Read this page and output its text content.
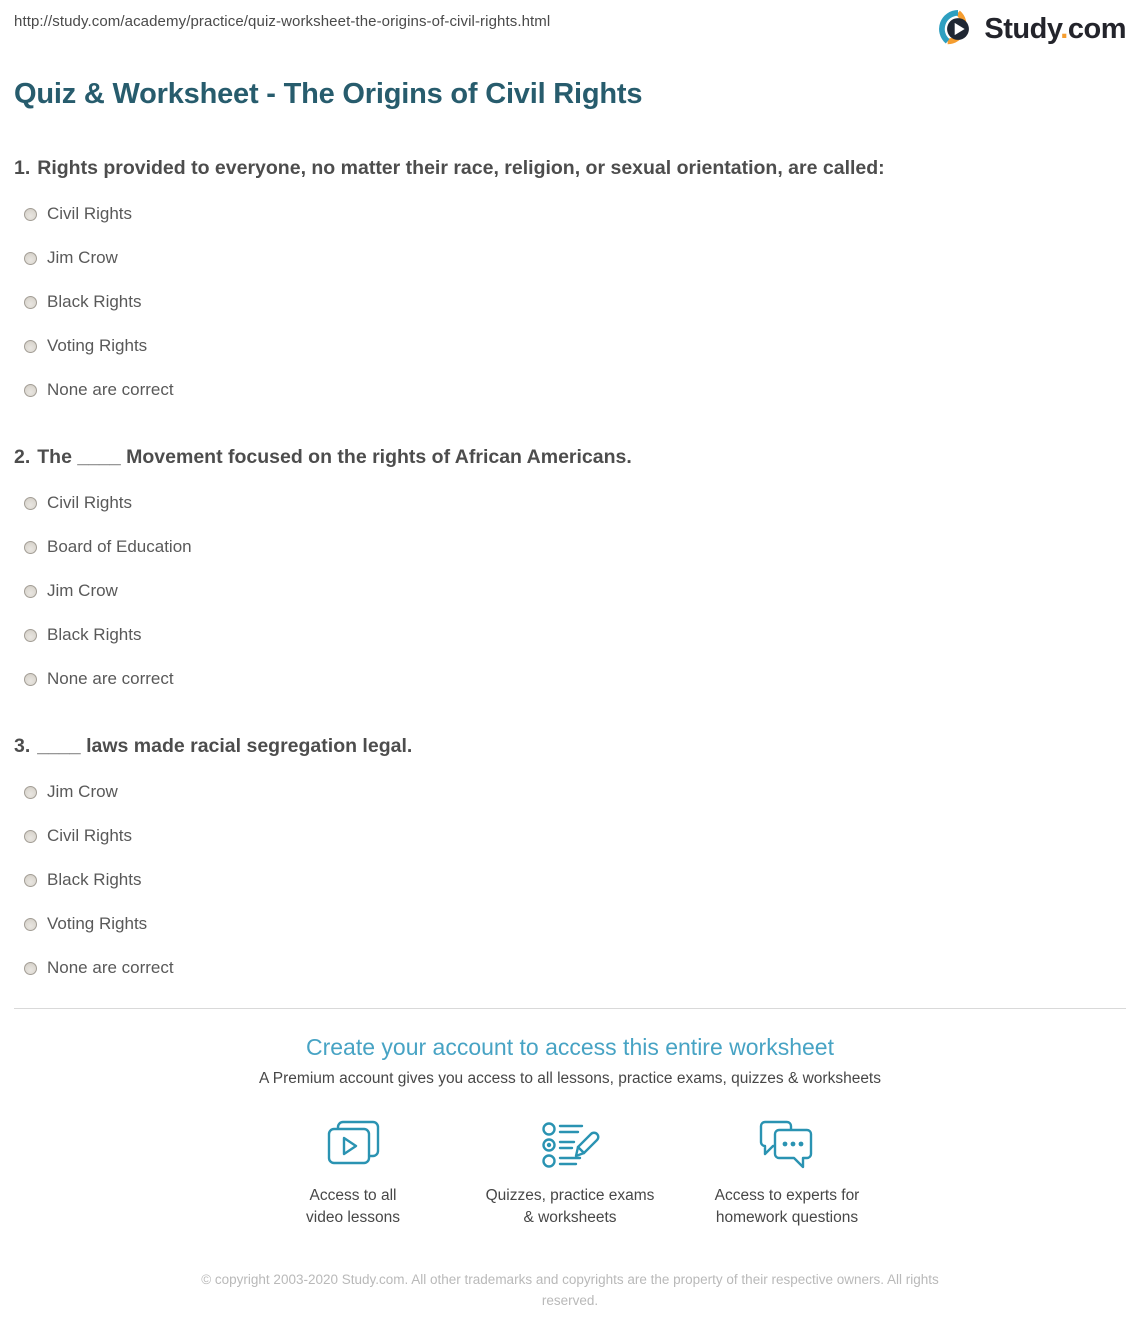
http://study.com/academy/practice/quiz-worksheet-the-origins-of-civil-rights.html	Study.com
Quiz & Worksheet - The Origins of Civil Rights
1. Rights provided to everyone, no matter their race, religion, or sexual orientation, are called:
Civil Rights
Jim Crow
Black Rights
Voting Rights
None are correct
2. The ____ Movement focused on the rights of African Americans.
Civil Rights
Board of Education
Jim Crow
Black Rights
None are correct
3. ____ laws made racial segregation legal.
Jim Crow
Civil Rights
Black Rights
Voting Rights
None are correct
Create your account to access this entire worksheet
A Premium account gives you access to all lessons, practice exams, quizzes & worksheets
Access to all
video lessons
Quizzes, practice exams
& worksheets
Access to experts for
homework questions
© copyright 2003-2020 Study.com. All other trademarks and copyrights are the property of their respective owners. All rights reserved.
